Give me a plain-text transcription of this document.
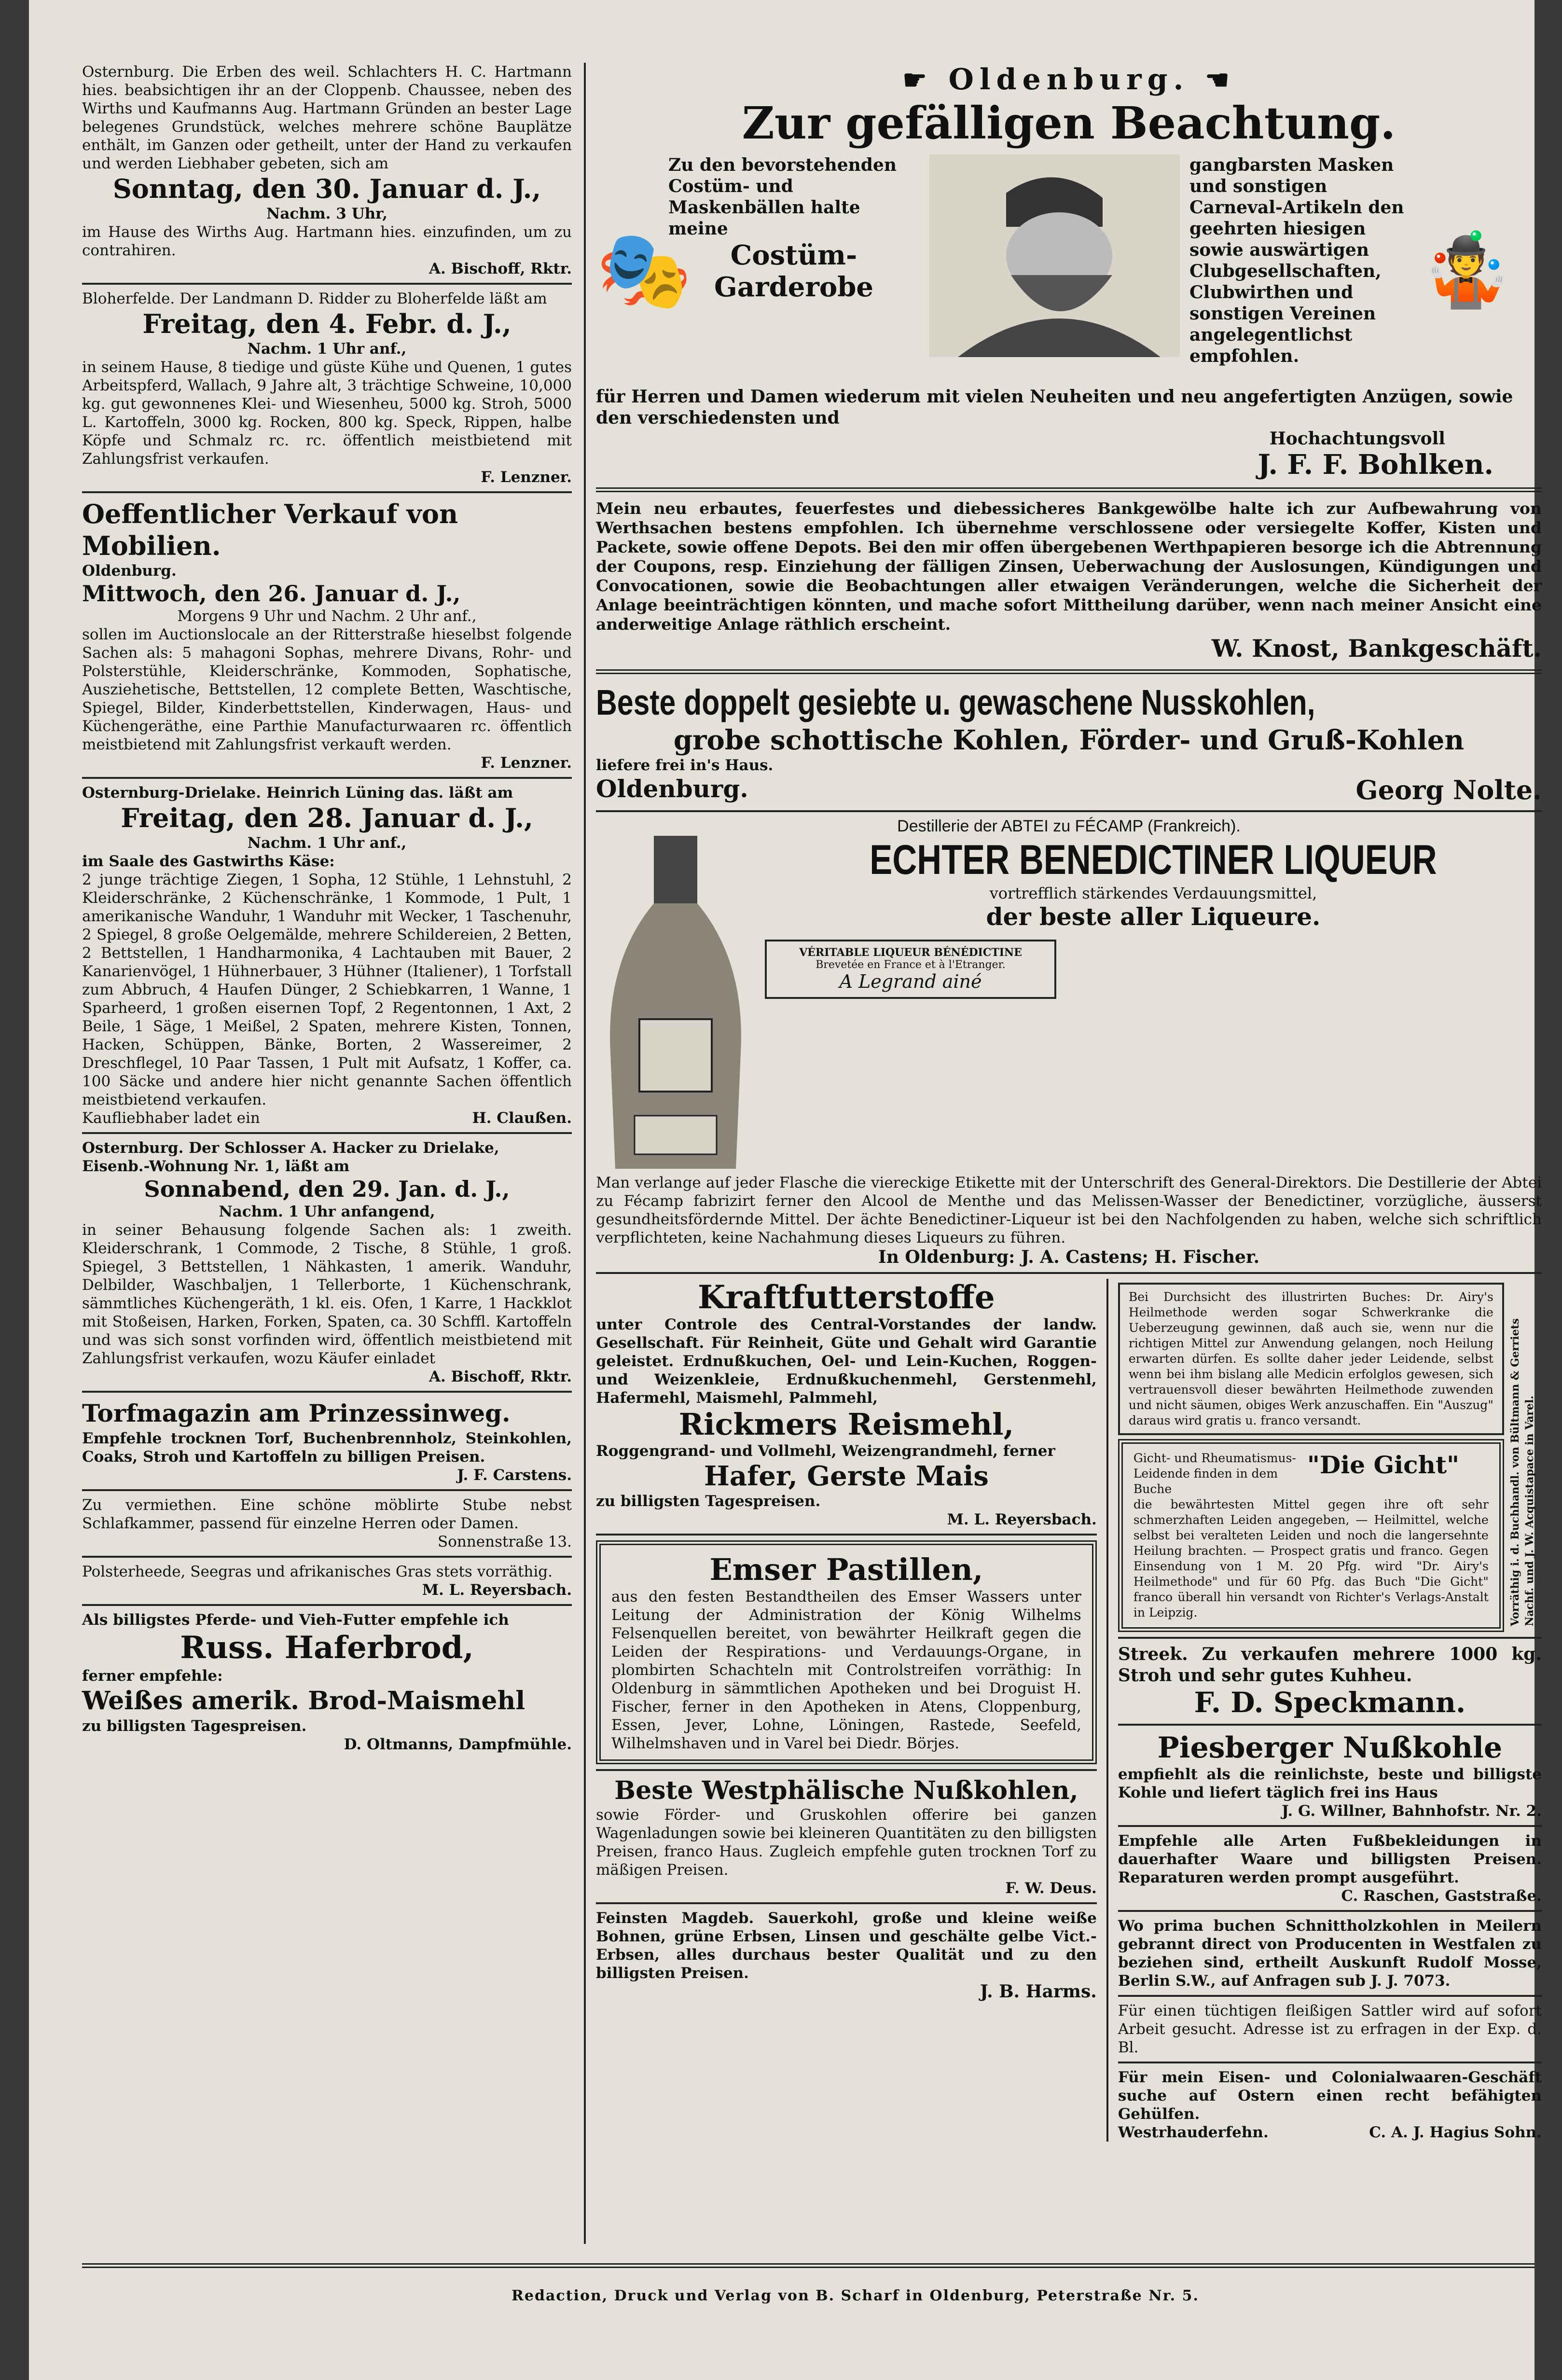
Osternburg. Die Erben des weil. Schlachters H. C. Hartmann hies. beabsichtigen ihr an der Cloppenb. Chaussee, neben des Wirths und Kaufmanns Aug. Hartmann Gründen an bester Lage belegenes Grundstück, welches mehrere schöne Bauplätze enthält, im Ganzen oder getheilt, unter der Hand zu verkaufen und werden Liebhaber gebeten, sich am

Sonntag, den 30. Januar d. J.,

Nachm. 3 Uhr,

im Hause des Wirths Aug. Hartmann hies. einzufinden, um zu contrahiren.

A. Bischoff, Rktr.

Bloherfelde. Der Landmann D. Ridder zu Bloherfelde läßt am

Freitag, den 4. Febr. d. J.,

Nachm. 1 Uhr anf.,

in seinem Hause, 8 tiedige und güste Kühe und Quenen, 1 gutes Arbeitspferd, Wallach, 9 Jahre alt, 3 trächtige Schweine, 10,000 kg. gut gewonnenes Klei- und Wiesenheu, 5000 kg. Stroh, 5000 L. Kartoffeln, 3000 kg. Rocken, 800 kg. Speck, Rippen, halbe Köpfe und Schmalz rc. rc. öffentlich meistbietend mit Zahlungsfrist verkaufen.

F. Lenzner.

Oeffentlicher Verkauf von Mobilien.

Oldenburg.

Mittwoch, den 26. Januar d. J.,

Morgens 9 Uhr und Nachm. 2 Uhr anf.,

sollen im Auctionslocale an der Ritterstraße hieselbst folgende Sachen als: 5 mahagoni Sophas, mehrere Divans, Rohr- und Polsterstühle, Kleiderschränke, Kommoden, Sophatische, Ausziehetische, Bettstellen, 12 complete Betten, Waschtische, Spiegel, Bilder, Kinderbettstellen, Kinderwagen, Haus- und Küchengeräthe, eine Parthie Manufacturwaaren rc. öffentlich meistbietend mit Zahlungsfrist verkauft werden.

F. Lenzner.

Osternburg-Drielake. Heinrich Lüning das. läßt am

Freitag, den 28. Januar d. J.,

Nachm. 1 Uhr anf.,

im Saale des Gastwirths Käse:

2 junge trächtige Ziegen, 1 Sopha, 12 Stühle, 1 Lehnstuhl, 2 Kleiderschränke, 2 Küchenschränke, 1 Kommode, 1 Pult, 1 amerikanische Wanduhr, 1 Wanduhr mit Wecker, 1 Taschenuhr, 2 Spiegel, 8 große Oelgemälde, mehrere Schildereien, 2 Betten, 2 Bettstellen, 1 Handharmonika, 4 Lachtauben mit Bauer, 2 Kanarienvögel, 1 Hühnerbauer, 3 Hühner (Italiener), 1 Torfstall zum Abbruch, 4 Haufen Dünger, 2 Schiebkarren, 1 Wanne, 1 Sparheerd, 1 großen eisernen Topf, 2 Regentonnen, 1 Axt, 2 Beile, 1 Säge, 1 Meißel, 2 Spaten, mehrere Kisten, Tonnen, Hacken, Schüppen, Bänke, Borten, 2 Wassereimer, 2 Dreschflegel, 10 Paar Tassen, 1 Pult mit Aufsatz, 1 Koffer, ca. 100 Säcke und andere hier nicht genannte Sachen öffentlich meistbietend verkaufen.

Kaufliebhaber ladet ein	H. Claußen.

Osternburg. Der Schlosser A. Hacker zu Drielake, Eisenb.-Wohnung Nr. 1, läßt am

Sonnabend, den 29. Jan. d. J.,

Nachm. 1 Uhr anfangend,

in seiner Behausung folgende Sachen als: 1 zweith. Kleiderschrank, 1 Commode, 2 Tische, 8 Stühle, 1 groß. Spiegel, 3 Bettstellen, 1 Nähkasten, 1 amerik. Wanduhr, Delbilder, Waschbaljen, 1 Tellerborte, 1 Küchenschrank, sämmtliches Küchengeräth, 1 kl. eis. Ofen, 1 Karre, 1 Hackklot mit Stoßeisen, Harken, Forken, Spaten, ca. 30 Schffl. Kartoffeln und was sich sonst vorfinden wird, öffentlich meistbietend mit Zahlungsfrist verkaufen, wozu Käufer einladet

A. Bischoff, Rktr.

Torfmagazin am Prinzessinweg.

Empfehle trocknen Torf, Buchenbrennholz, Steinkohlen, Coaks, Stroh und Kartoffeln zu billigen Preisen.

J. F. Carstens.

Zu vermiethen. Eine schöne möblirte Stube nebst Schlafkammer, passend für einzelne Herren oder Damen.

Sonnenstraße 13.

Polsterheede, Seegras und afrikanisches Gras stets vorräthig.

M. L. Reyersbach.

Als billigstes Pferde- und Vieh-Futter empfehle ich

Russ. Haferbrod,

ferner empfehle:

Weißes amerik. Brod-Maismehl

zu billigsten Tagespreisen.

D. Oltmanns, Dampfmühle.

☛ Oldenburg. ☚

Zur gefälligen Beachtung.

🎭

Zu den bevorstehenden Costüm- und Maskenbällen halte meine

Costüm-Garderobe

gangbarsten Masken und sonstigen Carneval-Artikeln den geehrten hiesigen sowie auswärtigen Clubgesellschaften, Clubwirthen und sonstigen Vereinen angelegentlichst empfohlen.

🤹

für Herren und Damen wiederum mit vielen Neuheiten und neu angefertigten Anzügen, sowie den verschiedensten und

Hochachtungsvoll

J. F. F. Bohlken.

Mein neu erbautes, feuerfestes und diebessicheres Bankgewölbe halte ich zur Aufbewahrung von Werthsachen bestens empfohlen. Ich übernehme verschlossene oder versiegelte Koffer, Kisten und Packete, sowie offene Depots. Bei den mir offen übergebenen Werthpapieren besorge ich die Abtrennung der Coupons, resp. Einziehung der fälligen Zinsen, Ueberwachung der Auslosungen, Kündigungen und Convocationen, sowie die Beobachtungen aller etwaigen Veränderungen, welche die Sicherheit der Anlage beeinträchtigen könnten, und mache sofort Mittheilung darüber, wenn nach meiner Ansicht eine anderweitige Anlage räthlich erscheint.

W. Knost, Bankgeschäft.

Beste doppelt gesiebte u. gewaschene Nusskohlen,

grobe schottische Kohlen, Förder- und Gruß-Kohlen

liefere frei in's Haus.

Oldenburg.	Georg Nolte.

Destillerie der ABTEI zu FÉCAMP (Frankreich).

ECHTER BENEDICTINER LIQUEUR

vortrefflich stärkendes Verdauungsmittel,

der beste aller Liqueure.

VÉRITABLE LIQUEUR BÉNÉDICTINE

Brevetée en France et à l'Etranger.

A Legrand ainé

Man verlange auf jeder Flasche die viereckige Etikette mit der Unterschrift des General-Direktors. Die Destillerie der Abtei zu Fécamp fabrizirt ferner den Alcool de Menthe und das Melissen-Wasser der Benedictiner, vorzügliche, äusserst gesundheitsfördernde Mittel. Der ächte Benedictiner-Liqueur ist bei den Nachfolgenden zu haben, welche sich schriftlich verpflichteten, keine Nachahmung dieses Liqueurs zu führen.

In Oldenburg: J. A. Castens; H. Fischer.

Kraftfutterstoffe

unter Controle des Central-Vorstandes der landw. Gesellschaft. Für Reinheit, Güte und Gehalt wird Garantie geleistet. Erdnußkuchen, Oel- und Lein-Kuchen, Roggen- und Weizenkleie, Erdnußkuchenmehl, Gerstenmehl, Hafermehl, Maismehl, Palmmehl,

Rickmers Reismehl,

Roggengrand- und Vollmehl, Weizengrandmehl, ferner

Hafer, Gerste Mais

zu billigsten Tagespreisen.

M. L. Reyersbach.

Emser Pastillen,

aus den festen Bestandtheilen des Emser Wassers unter Leitung der Administration der König Wilhelms Felsenquellen bereitet, von bewährter Heilkraft gegen die Leiden der Respirations- und Verdauungs-Organe, in plombirten Schachteln mit Controlstreifen vorräthig: In Oldenburg in sämmtlichen Apotheken und bei Droguist H. Fischer, ferner in den Apotheken in Atens, Cloppenburg, Essen, Jever, Lohne, Löningen, Rastede, Seefeld, Wilhelmshaven und in Varel bei Diedr. Börjes.

Beste Westphälische Nußkohlen,

sowie Förder- und Gruskohlen offerire bei ganzen Wagenladungen sowie bei kleineren Quantitäten zu den billigsten Preisen, franco Haus. Zugleich empfehle guten trocknen Torf zu mäßigen Preisen.

F. W. Deus.

Feinsten Magdeb. Sauerkohl, große und kleine weiße Bohnen, grüne Erbsen, Linsen und geschälte gelbe Vict.-Erbsen, alles durchaus bester Qualität und zu den billigsten Preisen.

J. B. Harms.

Bei Durchsicht des illustrirten Buches: Dr. Airy's Heilmethode werden sogar Schwerkranke die Ueberzeugung gewinnen, daß auch sie, wenn nur die richtigen Mittel zur Anwendung gelangen, noch Heilung erwarten dürfen. Es sollte daher jeder Leidende, selbst wenn bei ihm bislang alle Medicin erfolglos gewesen, sich vertrauensvoll dieser bewährten Heilmethode zuwenden und nicht säumen, obiges Werk anzuschaffen. Ein "Auszug" daraus wird gratis u. franco versandt.

Gicht- und Rheumatismus-Leidende finden in dem Buche

"Die Gicht"

die bewährtesten Mittel gegen ihre oft sehr schmerzhaften Leiden angegeben, — Heilmittel, welche selbst bei veralteten Leiden und noch die langersehnte Heilung brachten. — Prospect gratis und franco. Gegen Einsendung von 1 M. 20 Pfg. wird "Dr. Airy's Heilmethode" und für 60 Pfg. das Buch "Die Gicht" franco überall hin versandt von Richter's Verlags-Anstalt in Leipzig.	Vorräthig i. d. Buchhandl. von Bültmann & Gerriets Nachf. und J. W. Acquistapace in Varel.

Streek. Zu verkaufen mehrere 1000 kg. Stroh und sehr gutes Kuhheu.

F. D. Speckmann.

Piesberger Nußkohle

empfiehlt als die reinlichste, beste und billigste Kohle und liefert täglich frei ins Haus

J. G. Willner, Bahnhofstr. Nr. 2.

Empfehle alle Arten Fußbekleidungen in dauerhafter Waare und billigsten Preisen. Reparaturen werden prompt ausgeführt.

C. Raschen, Gaststraße.

Wo prima buchen Schnittholzkohlen in Meilern gebrannt direct von Producenten in Westfalen zu beziehen sind, ertheilt Auskunft Rudolf Mosse, Berlin S.W., auf Anfragen sub J. J. 7073.

Für einen tüchtigen fleißigen Sattler wird auf sofort Arbeit gesucht. Adresse ist zu erfragen in der Exp. d. Bl.

Für mein Eisen- und Colonialwaaren-Geschäft suche auf Ostern einen recht befähigten Gehülfen.

Westrhauderfehn.	C. A. J. Hagius Sohn.

Redaction, Druck und Verlag von B. Scharf in Oldenburg, Peterstraße Nr. 5.
